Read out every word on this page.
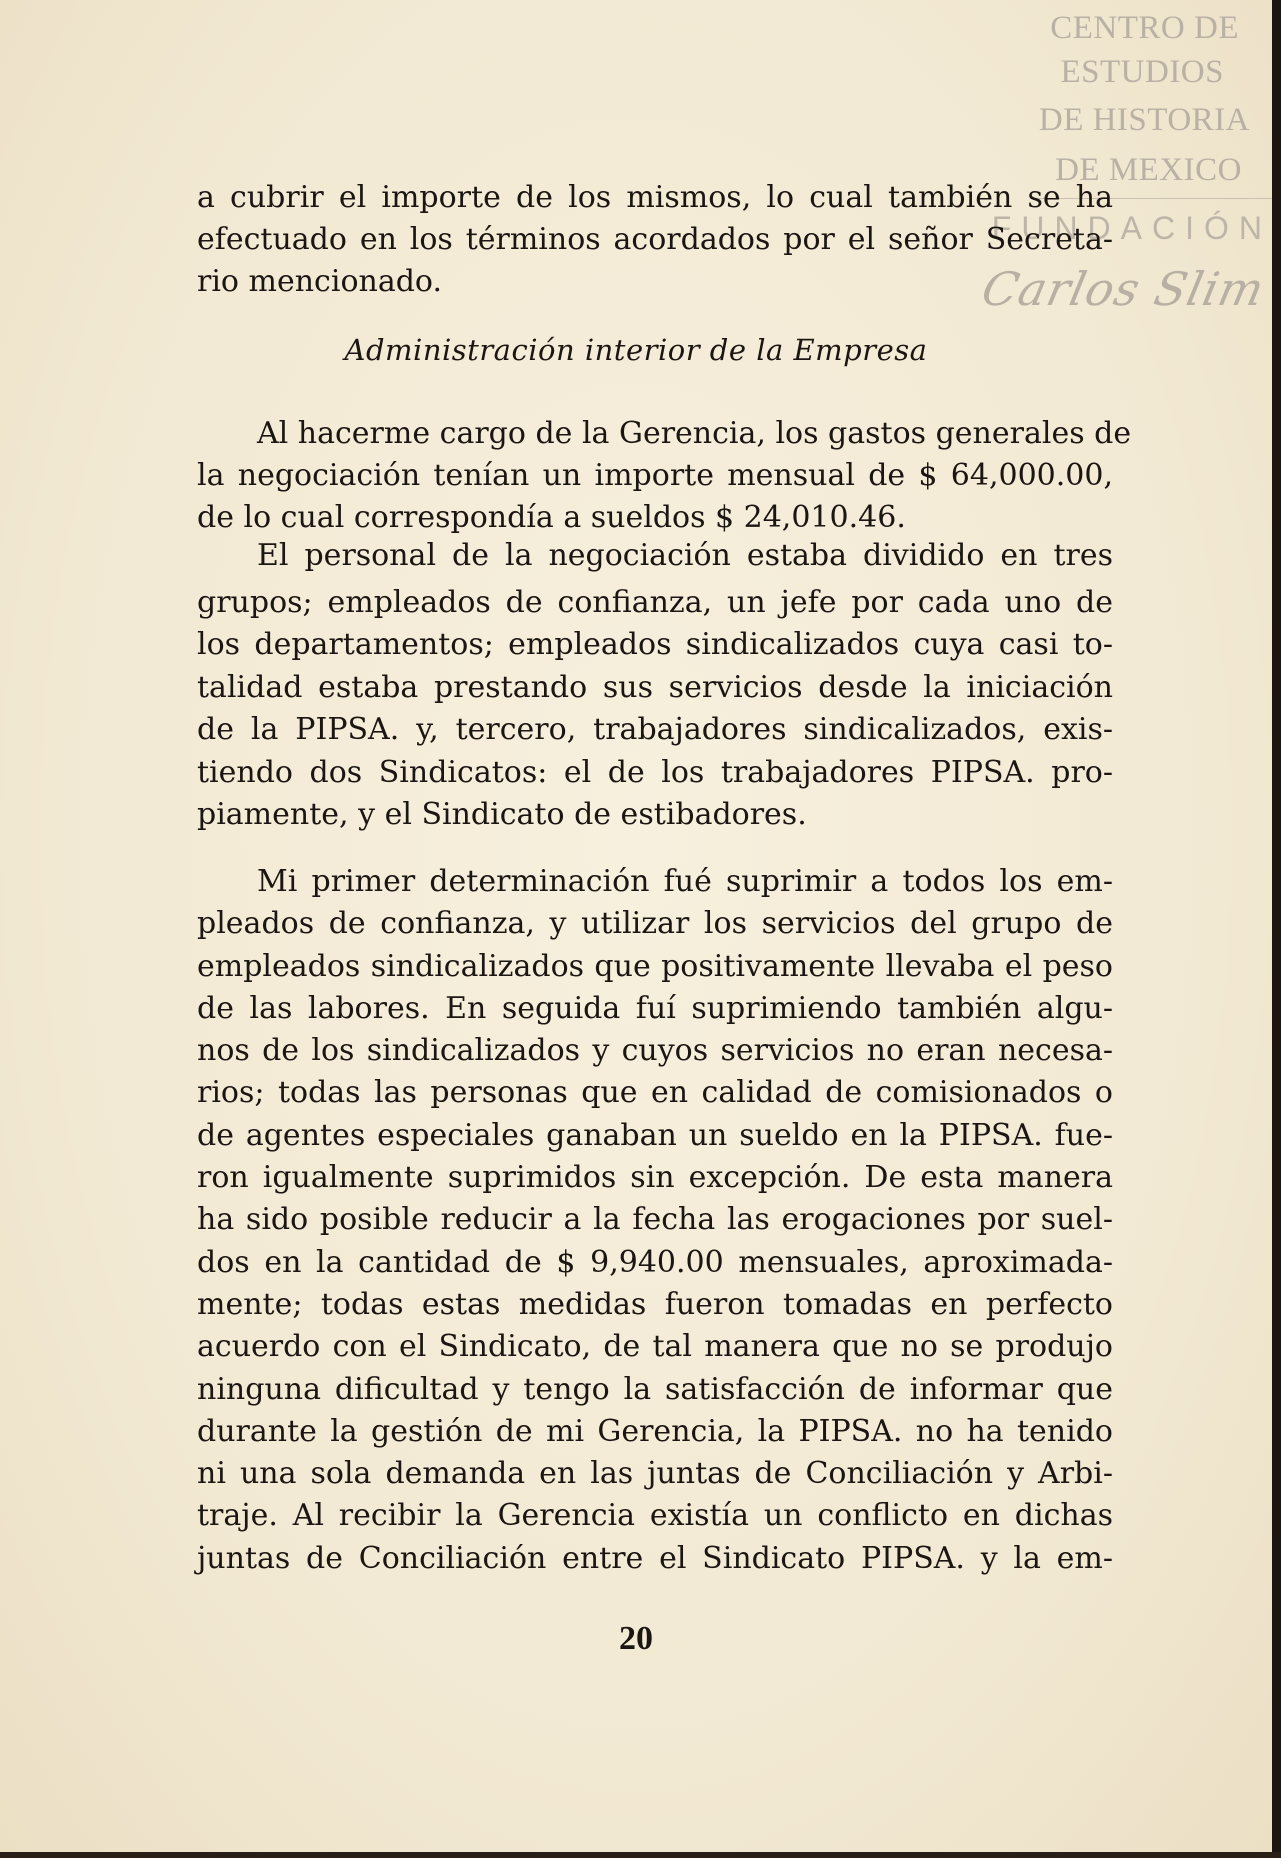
CENTRO DE
ESTUDIOS
DE HISTORIA
DE MEXICO
FUNDACIÓN
Carlos Slim
a cubrir el importe de los mismos, lo cual también se ha
efectuado en los términos acordados por el señor Secreta-
rio mencionado.
Administración interior de la Empresa
Al hacerme cargo de la Gerencia, los gastos generales de
la negociación tenían un importe mensual de $ 64,000.00,
de lo cual correspondía a sueldos $ 24,010.46.
El personal de la negociación estaba dividido en tres
grupos; empleados de confianza, un jefe por cada uno de
los departamentos; empleados sindicalizados cuya casi to-
talidad estaba prestando sus servicios desde la iniciación
de la PIPSA. y, tercero, trabajadores sindicalizados, exis-
tiendo dos Sindicatos: el de los trabajadores PIPSA. pro-
piamente, y el Sindicato de estibadores.
Mi primer determinación fué suprimir a todos los em-
pleados de confianza, y utilizar los servicios del grupo de
empleados sindicalizados que positivamente llevaba el peso
de las labores. En seguida fuí suprimiendo también algu-
nos de los sindicalizados y cuyos servicios no eran necesa-
rios; todas las personas que en calidad de comisionados o
de agentes especiales ganaban un sueldo en la PIPSA. fue-
ron igualmente suprimidos sin excepción. De esta manera
ha sido posible reducir a la fecha las erogaciones por suel-
dos en la cantidad de $ 9,940.00 mensuales, aproximada-
mente; todas estas medidas fueron tomadas en perfecto
acuerdo con el Sindicato, de tal manera que no se produjo
ninguna dificultad y tengo la satisfacción de informar que
durante la gestión de mi Gerencia, la PIPSA. no ha tenido
ni una sola demanda en las juntas de Conciliación y Arbi-
traje. Al recibir la Gerencia existía un conflicto en dichas
juntas de Conciliación entre el Sindicato PIPSA. y la em-
20
